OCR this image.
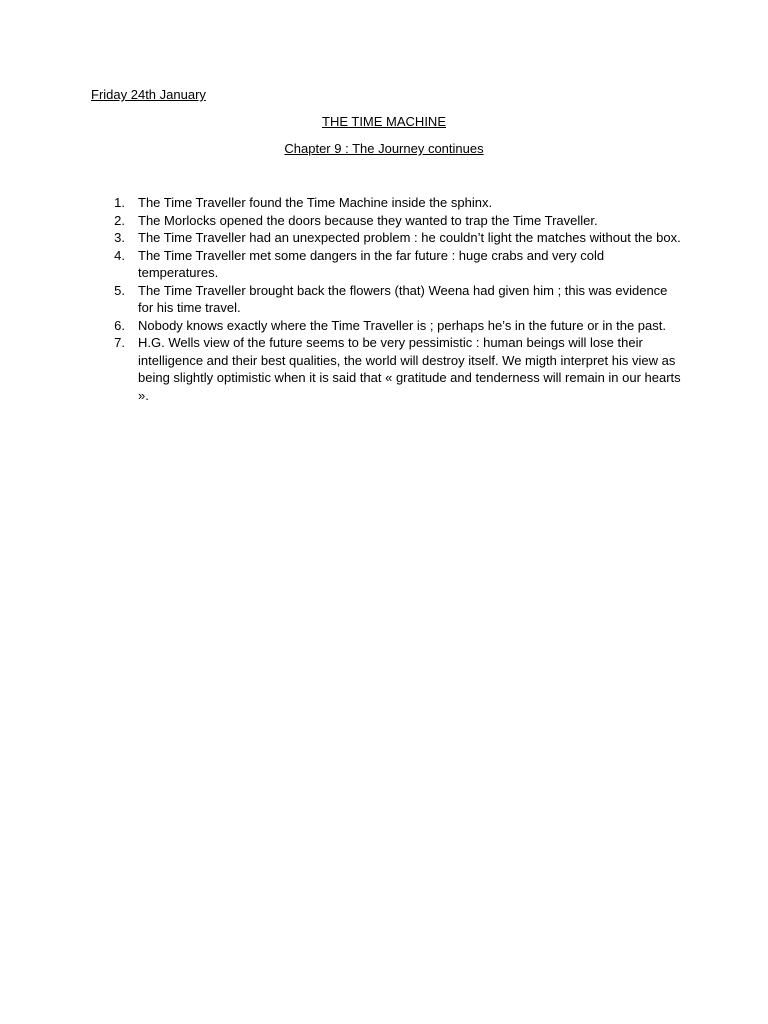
Friday 24th January
THE TIME MACHINE
Chapter 9 : The Journey continues
1. The Time Traveller found the Time Machine inside the sphinx.
2. The Morlocks opened the doors because they wanted to trap the Time Traveller.
3. The Time Traveller had an unexpected problem : he couldn’t light the matches without the box.
4. The Time Traveller met some dangers in the far future : huge crabs and very cold temperatures.
5. The Time Traveller brought back the flowers (that) Weena had given him ; this was evidence for his time travel.
6. Nobody knows exactly where the Time Traveller is ; perhaps he’s in the future or in the past.
7. H.G. Wells view of the future seems to be very pessimistic : human beings will lose their intelligence and their best qualities, the world will destroy itself. We migth interpret his view as being slightly optimistic when it is said that « gratitude and tenderness will remain in our hearts ».
